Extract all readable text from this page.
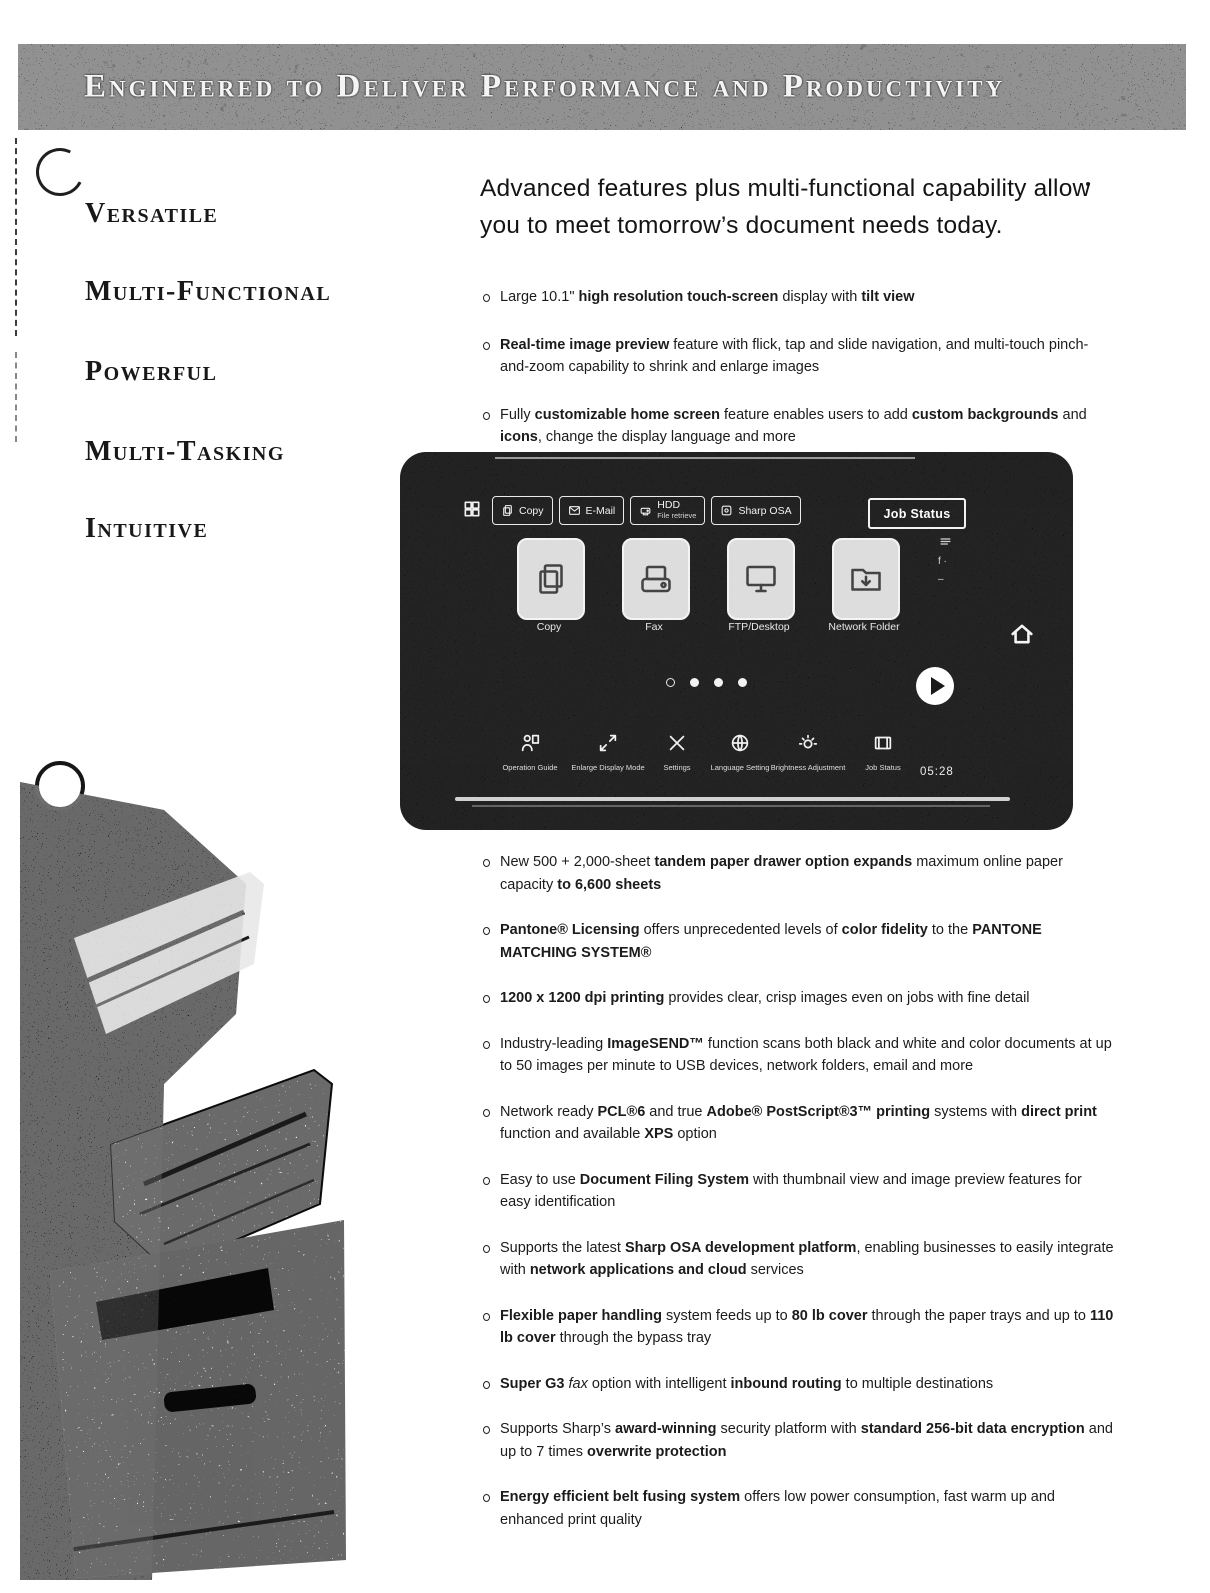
Engineered to Deliver Performance and Productivity
Versatile
Multi-Functional
Powerful
Multi-Tasking
Intuitive
Advanced features plus multi-functional capability allow you to meet tomorrow’s document needs today.
Large 10.1" high resolution touch-screen display with tilt view
Real-time image preview feature with flick, tap and slide navigation, and multi-touch pinch-and-zoom capability to shrink and enlarge images
Fully customizable home screen feature enables users to add custom backgrounds and icons, change the display language and more
Copy	E-Mail	HDD
File retrieve	Sharp OSA	Job Status
f ·
–
Copy	Fax	FTP/Desktop	Network Folder
Operation Guide	Enlarge Display Mode	Settings	Language Setting Brightness Adjustment	Job Status	05:28
New 500 + 2,000-sheet tandem paper drawer option expands maximum online paper capacity to 6,600 sheets
Pantone® Licensing offers unprecedented levels of color fidelity to the PANTONE MATCHING SYSTEM®
1200 x 1200 dpi printing provides clear, crisp images even on jobs with fine detail
Industry-leading ImageSEND™ function scans both black and white and color documents at up to 50 images per minute to USB devices, network folders, email and more
Network ready PCL®6 and true Adobe® PostScript®3™ printing systems with direct print function and available XPS option
Easy to use Document Filing System with thumbnail view and image preview features for easy identification
Supports the latest Sharp OSA development platform, enabling businesses to easily integrate with network applications and cloud services
Flexible paper handling system feeds up to 80 lb cover through the paper trays and up to 110 lb cover through the bypass tray
Super G3 fax option with intelligent inbound routing to multiple destinations
Supports Sharp’s award-winning security platform with standard 256-bit data encryption and up to 7 times overwrite protection
Energy efficient belt fusing system offers low power consumption, fast warm up and enhanced print quality
